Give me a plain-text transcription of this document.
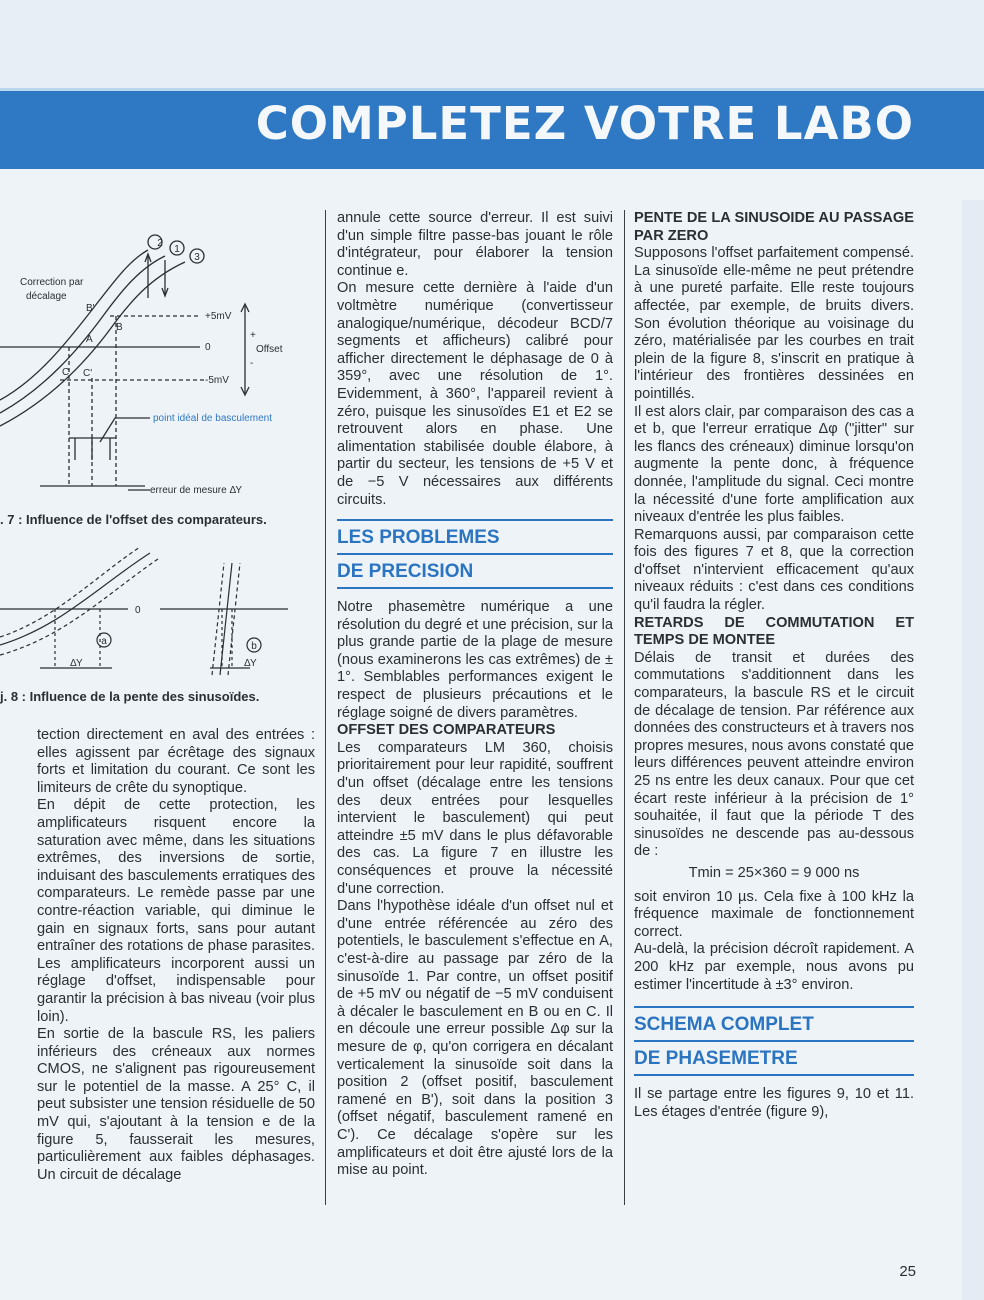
COMPLETEZ VOTRE LABO
2
1
3
Correction par
décalage
B'
B
A
C C'
+5mV
0
-5mV
Offset
+
-
point idéal de basculement
erreur de mesure ΔΥ
. 7 : Influence de l'offset des comparateurs.
0
a	b
ΔΥ	ΔΥ
j. 8 : Influence de la pente des sinusoïdes.

tection directement en aval des entrées : elles agissent par écrêtage des signaux forts et limitation du courant. Ce sont les limiteurs de crête du synoptique.

En dépit de cette protection, les amplificateurs risquent encore la saturation avec même, dans les situations extrêmes, des inversions de sortie, induisant des basculements erratiques des comparateurs. Le remède passe par une contre-réaction variable, qui diminue le gain en signaux forts, sans pour autant entraîner des rotations de phase parasites. Les amplificateurs incorporent aussi un réglage d'offset, indispensable pour garantir la précision à bas niveau (voir plus loin).

En sortie de la bascule RS, les paliers inférieurs des créneaux aux normes CMOS, ne s'alignent pas rigoureusement sur le potentiel de la masse. A 25° C, il peut subsister une tension résiduelle de 50 mV qui, s'ajoutant à la tension e de la figure 5, fausserait les mesures, particulièrement aux faibles déphasages. Un circuit de décalage

annule cette source d'erreur. Il est suivi d'un simple filtre passe-bas jouant le rôle d'intégrateur, pour élaborer la tension continue e.

On mesure cette dernière à l'aide d'un voltmètre numérique (convertisseur analogique/numérique, décodeur BCD/7 segments et afficheurs) calibré pour afficher directement le déphasage de 0 à 359°, avec une résolution de 1°. Evidemment, à 360°, l'appareil revient à zéro, puisque les sinusoïdes E1 et E2 se retrouvent alors en phase. Une alimentation stabilisée double élabore, à partir du secteur, les tensions de +5 V et de −5 V nécessaires aux différents circuits.

LES PROBLEMES
DE PRECISION

Notre phasemètre numérique a une résolution du degré et une précision, sur la plus grande partie de la plage de mesure (nous examinerons les cas extrêmes) de ± 1°. Semblables performances exigent le respect de plusieurs précautions et le réglage soigné de divers paramètres.

OFFSET DES COMPARATEURS

Les comparateurs LM 360, choisis prioritairement pour leur rapidité, souffrent d'un offset (décalage entre les tensions des deux entrées pour lesquelles intervient le basculement) qui peut atteindre ±5 mV dans le plus défavorable des cas. La figure 7 en illustre les conséquences et prouve la nécessité d'une correction.

Dans l'hypothèse idéale d'un offset nul et d'une entrée référencée au zéro des potentiels, le basculement s'effectue en A, c'est-à-dire au passage par zéro de la sinusoïde 1. Par contre, un offset positif de +5 mV ou négatif de −5 mV conduisent à décaler le basculement en B ou en C. Il en découle une erreur possible Δφ sur la mesure de φ, qu'on corrigera en décalant verticalement la sinusoïde soit dans la position 2 (offset positif, basculement ramené en B'), soit dans la position 3 (offset négatif, basculement ramené en C'). Ce décalage s'opère sur les amplificateurs et doit être ajusté lors de la mise au point.

PENTE DE LA SINUSOIDE AU PASSAGE PAR ZERO

Supposons l'offset parfaitement compensé. La sinusoïde elle-même ne peut prétendre à une pureté parfaite. Elle reste toujours affectée, par exemple, de bruits divers. Son évolution théorique au voisinage du zéro, matérialisée par les courbes en trait plein de la figure 8, s'inscrit en pratique à l'intérieur des frontières dessinées en pointillés.

Il est alors clair, par comparaison des cas a et b, que l'erreur erratique Δφ ("jitter" sur les flancs des créneaux) diminue lorsqu'on augmente la pente donc, à fréquence donnée, l'amplitude du signal. Ceci montre la nécessité d'une forte amplification aux niveaux d'entrée les plus faibles.

Remarquons aussi, par comparaison cette fois des figures 7 et 8, que la correction d'offset n'intervient efficacement qu'aux niveaux réduits : c'est dans ces conditions qu'il faudra la régler.

RETARDS DE COMMUTATION ET TEMPS DE MONTEE

Délais de transit et durées des commutations s'additionnent dans les comparateurs, la bascule RS et le circuit de décalage de tension. Par référence aux données des constructeurs et à travers nos propres mesures, nous avons constaté que leurs différences peuvent atteindre environ 25 ns entre les deux canaux. Pour que cet écart reste inférieur à la précision de 1° souhaitée, il faut que la période T des sinusoïdes ne descende pas au-dessous de :

Tmin = 25×360 = 9 000 ns

soit environ 10 µs. Cela fixe à 100 kHz la fréquence maximale de fonctionnement correct.

Au-delà, la précision décroît rapidement. A 200 kHz par exemple, nous avons pu estimer l'incertitude à ±3° environ.

SCHEMA COMPLET
DE PHASEMETRE

Il se partage entre les figures 9, 10 et 11. Les étages d'entrée (figure 9),

25
